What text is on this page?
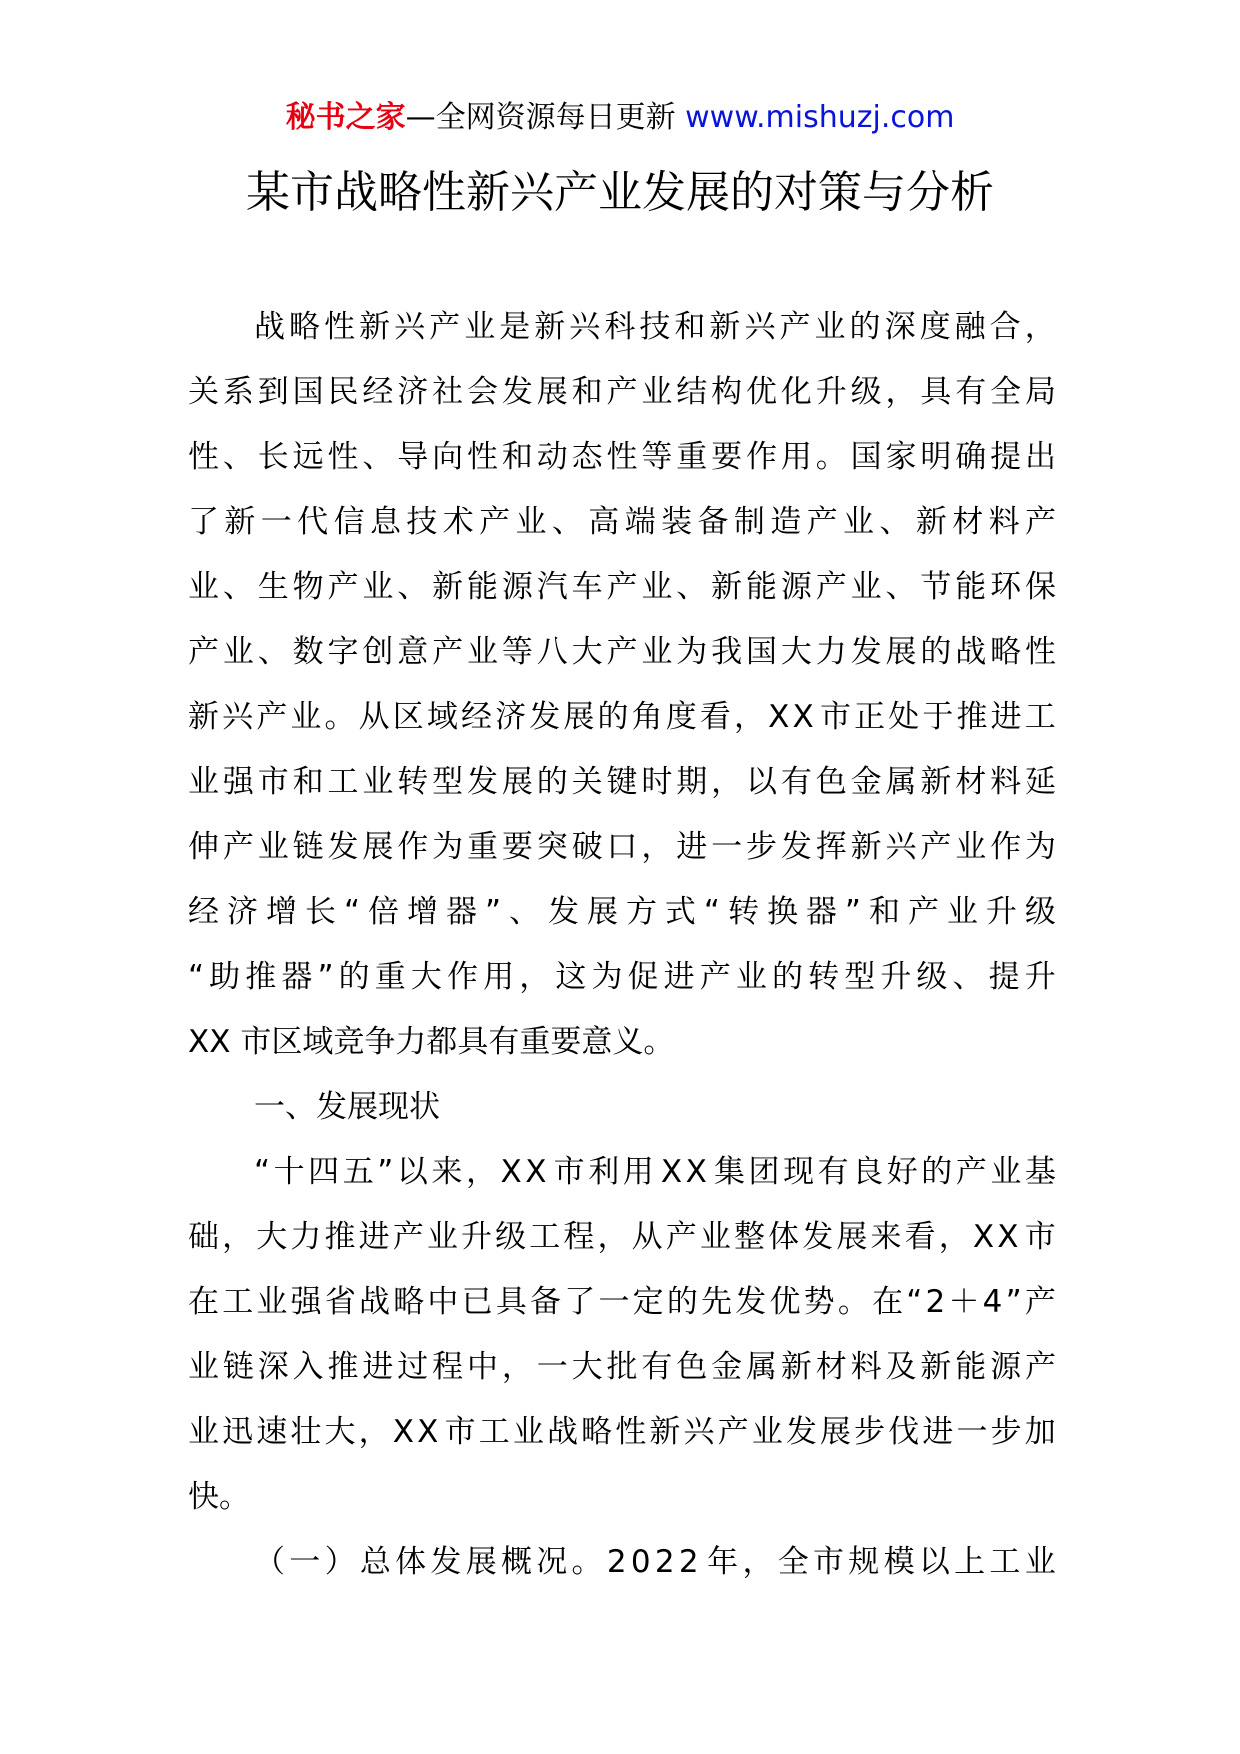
秘书之家—全网资源每日更新 www.mishuzj.com
某市战略性新兴产业发展的对策与分析
战 略 性 新 兴 产 业 是 新 兴 科 技 和 新 兴 产 业 的 深 度 融 合 ，
关 系 到 国 民 经 济 社 会 发 展 和 产 业 结 构 优 化 升 级 ， 具 有 全 局
性 、 长 远 性 、 导 向 性 和 动 态 性 等 重 要 作 用 。 国 家 明 确 提 出
了 新 一 代 信 息 技 术 产 业 、 高 端 装 备 制 造 产 业 、 新 材 料 产
业 、 生 物 产 业 、 新 能 源 汽 车 产 业 、 新 能 源 产 业 、 节 能 环 保
产 业 、 数 字 创 意 产 业 等 八 大 产 业 为 我 国 大 力 发 展 的 战 略 性
新 兴 产 业 。 从 区 域 经 济 发 展 的 角 度 看 ， X X 市 正 处 于 推 进 工
业 强 市 和 工 业 转 型 发 展 的 关 键 时 期 ， 以 有 色 金 属 新 材 料 延
伸 产 业 链 发 展 作 为 重 要 突 破 口 ， 进 一 步 发 挥 新 兴 产 业 作 为
经 济 增 长 “ 倍 增 器 ” 、 发 展 方 式 “ 转 换 器 ” 和 产 业 升 级
“ 助 推 器 ” 的 重 大 作 用 ， 这 为 促 进 产 业 的 转 型 升 级 、 提 升
XX 市区域竞争力都具有重要意义。
一、发展现状
“ 十 四 五 ” 以 来 ， X X 市 利 用 X X 集 团 现 有 良 好 的 产 业 基
础 ， 大 力 推 进 产 业 升 级 工 程 ， 从 产 业 整 体 发 展 来 看 ， X X 市
在 工 业 强 省 战 略 中 已 具 备 了 一 定 的 先 发 优 势 。 在 “ 2 ＋ 4 ” 产
业 链 深 入 推 进 过 程 中 ， 一 大 批 有 色 金 属 新 材 料 及 新 能 源 产
业 迅 速 壮 大 ， X X 市 工 业 战 略 性 新 兴 产 业 发 展 步 伐 进 一 步 加
快。
（ 一 ） 总 体 发 展 概 况 。 2 0 2 2 年 ， 全 市 规 模 以 上 工 业
